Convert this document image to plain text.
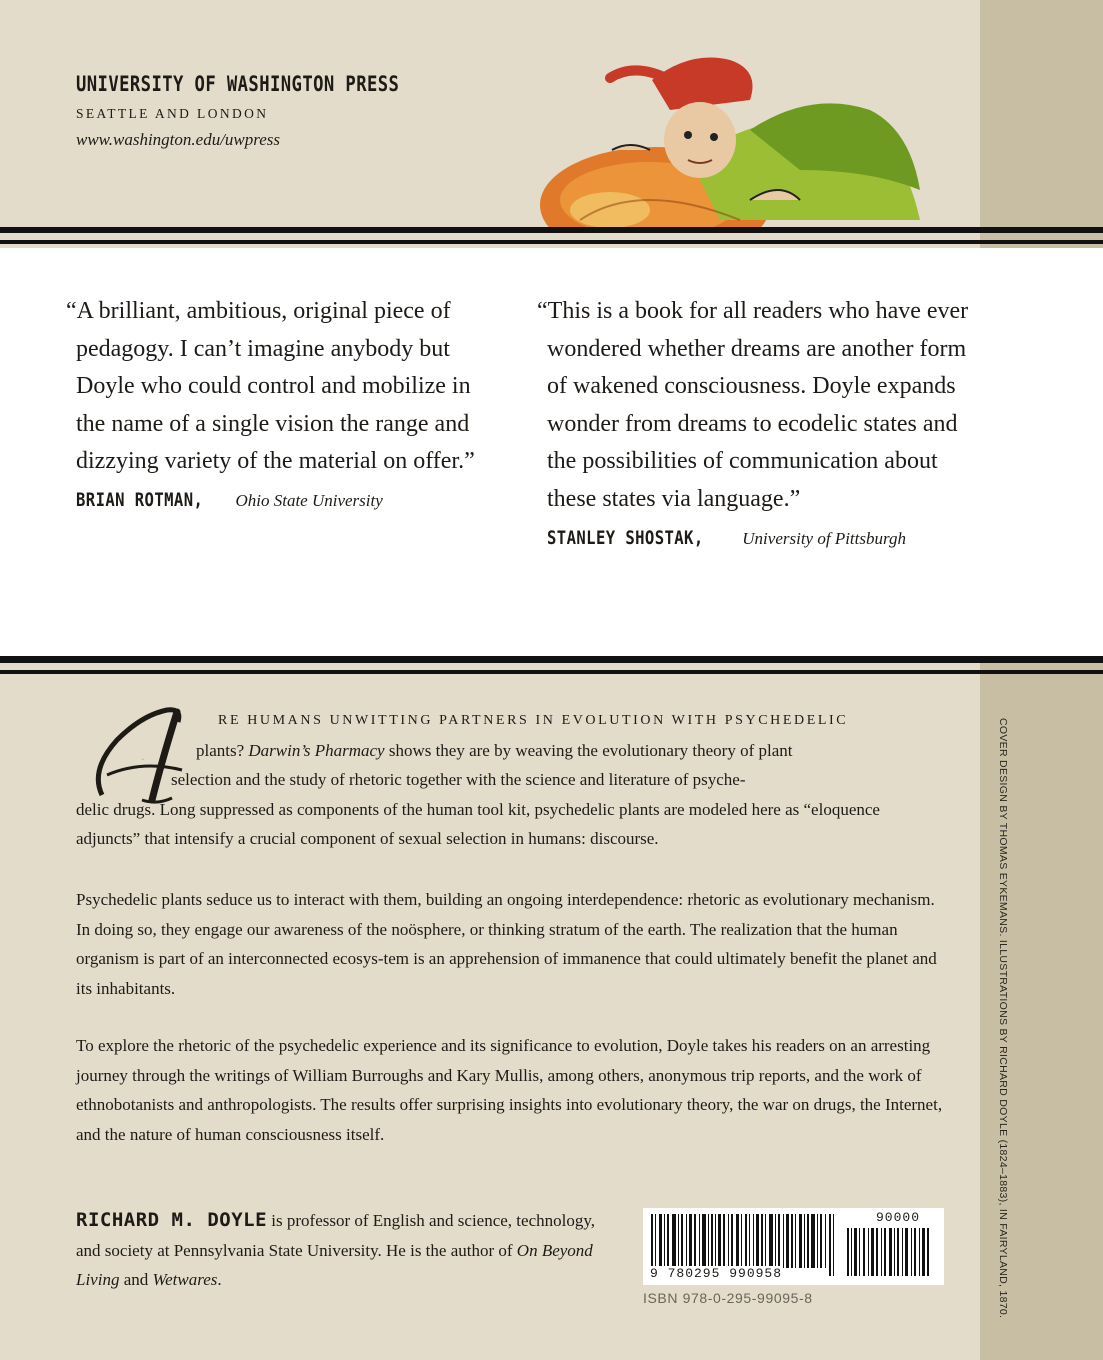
COVER DESIGN BY THOMAS EYKEMANS. ILLUSTRATIONS BY RICHARD DOYLE (1824–1883), IN FAIRYLAND, 1870.
UNIVERSITY OF WASHINGTON PRESS
SEATTLE AND LONDON
www.washington.edu/uwpress
“A brilliant, ambitious, original piece of pedagogy. I can’t imagine anybody but Doyle who could control and mobilize in the name of a single vision the range and dizzying variety of the material on offer.”
BRIAN ROTMAN, Ohio State University
“This is a book for all readers who have ever wondered whether dreams are another form of wakened consciousness. Doyle expands wonder from dreams to ecodelic states and the possibilities of communication about these states via language.”
STANLEY SHOSTAK, University of Pittsburgh
A
RE HUMANS UNWITTING PARTNERS IN EVOLUTION WITH PSYCHEDELIC
plants? Darwin’s Pharmacy shows they are by weaving the evolutionary theory of plant
selection and the study of rhetoric together with the science and literature of psyche-
delic drugs. Long suppressed as components of the human tool kit, psychedelic plants are modeled here as “eloquence adjuncts” that intensify a crucial component of sexual selection in humans: discourse.
Psychedelic plants seduce us to interact with them, building an ongoing interdependence: rhetoric as evolutionary mechanism. In doing so, they engage our awareness of the noösphere, or thinking stratum of the earth. The realization that the human organism is part of an interconnected ecosys-tem is an apprehension of immanence that could ultimately benefit the planet and its inhabitants.
To explore the rhetoric of the psychedelic experience and its significance to evolution, Doyle takes his readers on an arresting journey through the writings of William Burroughs and Kary Mullis, among others, anonymous trip reports, and the work of ethnobotanists and anthropologists. The results offer surprising insights into evolutionary theory, the war on drugs, the Internet, and the nature of human consciousness itself.
RICHARD M. DOYLE is professor of English and science, technology, and society at Pennsylvania State University. He is the author of On Beyond Living and Wetwares.	9 780295 990958
90000
ISBN 978-0-295-99095-8
